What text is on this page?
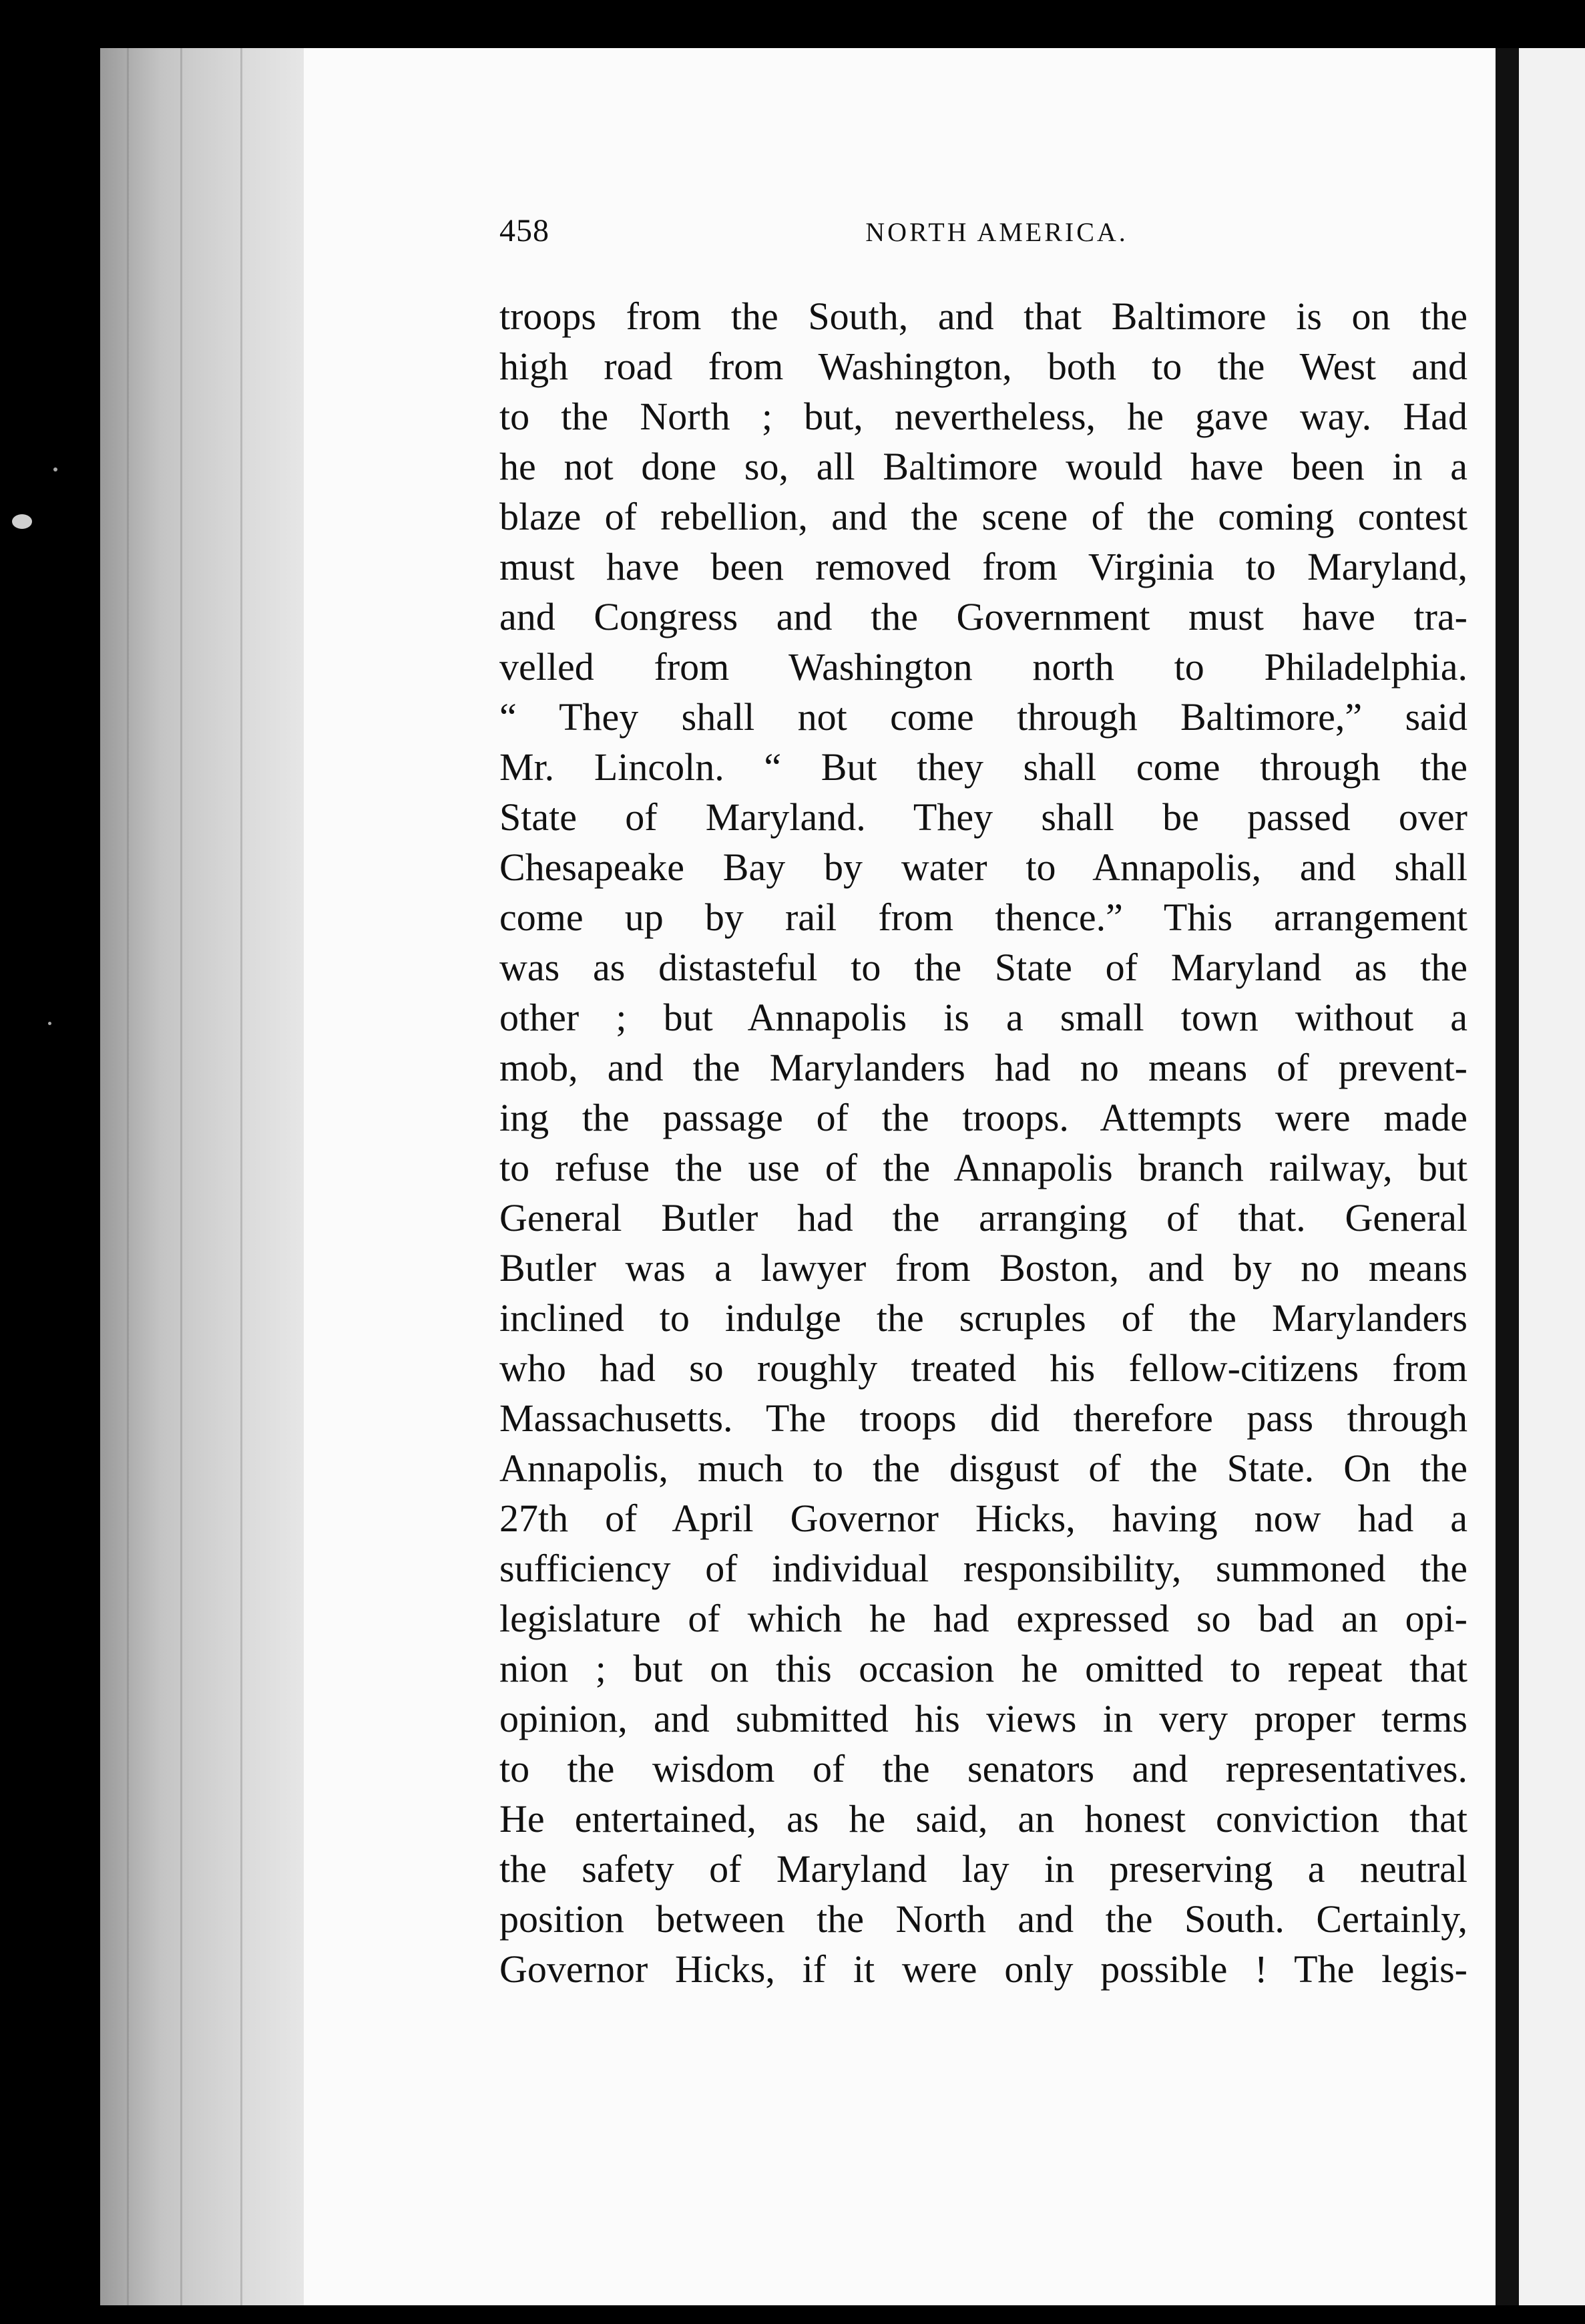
458	NORTH AMERICA.
troops from the South, and that Baltimore is on the
high road from Washington, both to the West and
to the North ; but, nevertheless, he gave way. Had
he not done so, all Baltimore would have been in a
blaze of rebellion, and the scene of the coming contest
must have been removed from Virginia to Maryland,
and Congress and the Government must have tra-
velled from Washington north to Philadelphia.
“ They shall not come through Baltimore,” said
Mr. Lincoln. “ But they shall come through the
State of Maryland. They shall be passed over
Chesapeake Bay by water to Annapolis, and shall
come up by rail from thence.” This arrangement
was as distasteful to the State of Maryland as the
other ; but Annapolis is a small town without a
mob, and the Marylanders had no means of prevent-
ing the passage of the troops. Attempts were made
to refuse the use of the Annapolis branch railway, but
General Butler had the arranging of that. General
Butler was a lawyer from Boston, and by no means
inclined to indulge the scruples of the Marylanders
who had so roughly treated his fellow-citizens from
Massachusetts. The troops did therefore pass through
Annapolis, much to the disgust of the State. On the
27th of April Governor Hicks, having now had a
sufficiency of individual responsibility, summoned the
legislature of which he had expressed so bad an opi-
nion ; but on this occasion he omitted to repeat that
opinion, and submitted his views in very proper terms
to the wisdom of the senators and representatives.
He entertained, as he said, an honest conviction that
the safety of Maryland lay in preserving a neutral
position between the North and the South. Certainly,
Governor Hicks, if it were only possible ! The legis-
